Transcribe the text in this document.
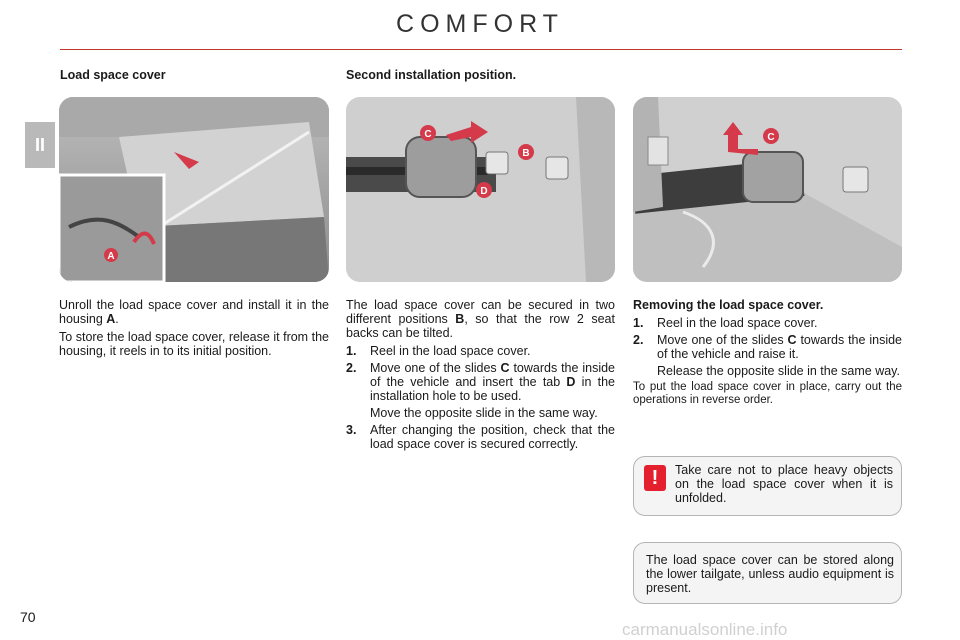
COMFORT
II
Load space cover
A

Unroll the load space cover and install it in the housing A.

To store the load space cover, release it from the housing, it reels in to its initial position.

Second installation position.
C
B
D

The load space cover can be secured in two different positions B, so that the row 2 seat backs can be tilted.

1.	Reel in the load space cover.
2.	Move one of the slides C towards the inside of the vehicle and insert the tab D in the installation hole to be used.
Move the opposite slide in the same way.
3.	After changing the position, check that the load space cover is secured correctly.
C
Removing the load space cover.
1.	Reel in the load space cover.
2.	Move one of the slides C towards the inside of the vehicle and raise it.
Release the opposite slide in the same way.
To put the load space cover in place, carry out the operations in reverse order.
!	Take care not to place heavy objects on the load space cover when it is unfolded.
The load space cover can be stored along the lower tailgate, unless audio equipment is present.
70
carmanualsonline.info
